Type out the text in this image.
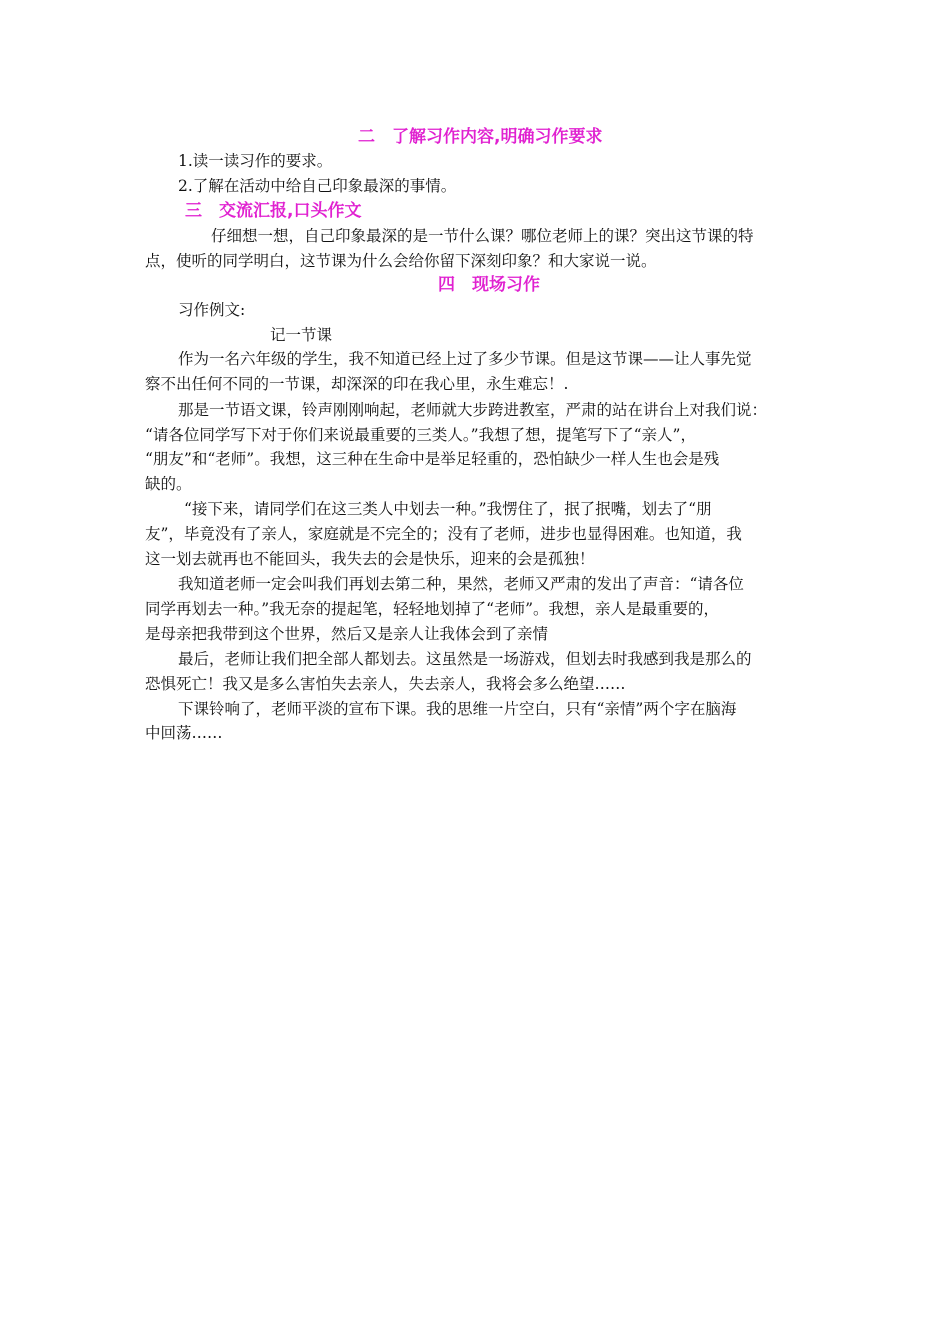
二　了解习作内容,明确习作要求
1.读一读习作的要求。
2.了解在活动中给自己印象最深的事情。
三　交流汇报,口头作文
仔细想一想，自己印象最深的是一节什么课？哪位老师上的课？突出这节课的特
点，使听的同学明白，这节课为什么会给你留下深刻印象？和大家说一说。
四　现场习作
习作例文:
记一节课
作为一名六年级的学生，我不知道已经上过了多少节课。但是这节课——让人事先觉
察不出任何不同的一节课，却深深的印在我心里，永生难忘！.
那是一节语文课，铃声刚刚响起，老师就大步跨进教室，严肃的站在讲台上对我们说：
“请各位同学写下对于你们来说最重要的三类人。”我想了想，提笔写下了“亲人”，
“朋友”和“老师”。我想，这三种在生命中是举足轻重的，恐怕缺少一样人生也会是残
缺的。
“接下来，请同学们在这三类人中划去一种。”我愣住了，抿了抿嘴，划去了“朋
友”，毕竟没有了亲人，家庭就是不完全的；没有了老师，进步也显得困难。也知道，我
这一划去就再也不能回头，我失去的会是快乐，迎来的会是孤独！
我知道老师一定会叫我们再划去第二种，果然，老师又严肃的发出了声音：“请各位
同学再划去一种。”我无奈的提起笔，轻轻地划掉了“老师”。我想，亲人是最重要的，
是母亲把我带到这个世界，然后又是亲人让我体会到了亲情
最后，老师让我们把全部人都划去。这虽然是一场游戏，但划去时我感到我是那么的
恐惧死亡！我又是多么害怕失去亲人，失去亲人，我将会多么绝望……
下课铃响了，老师平淡的宣布下课。我的思维一片空白，只有“亲情”两个字在脑海
中回荡……
